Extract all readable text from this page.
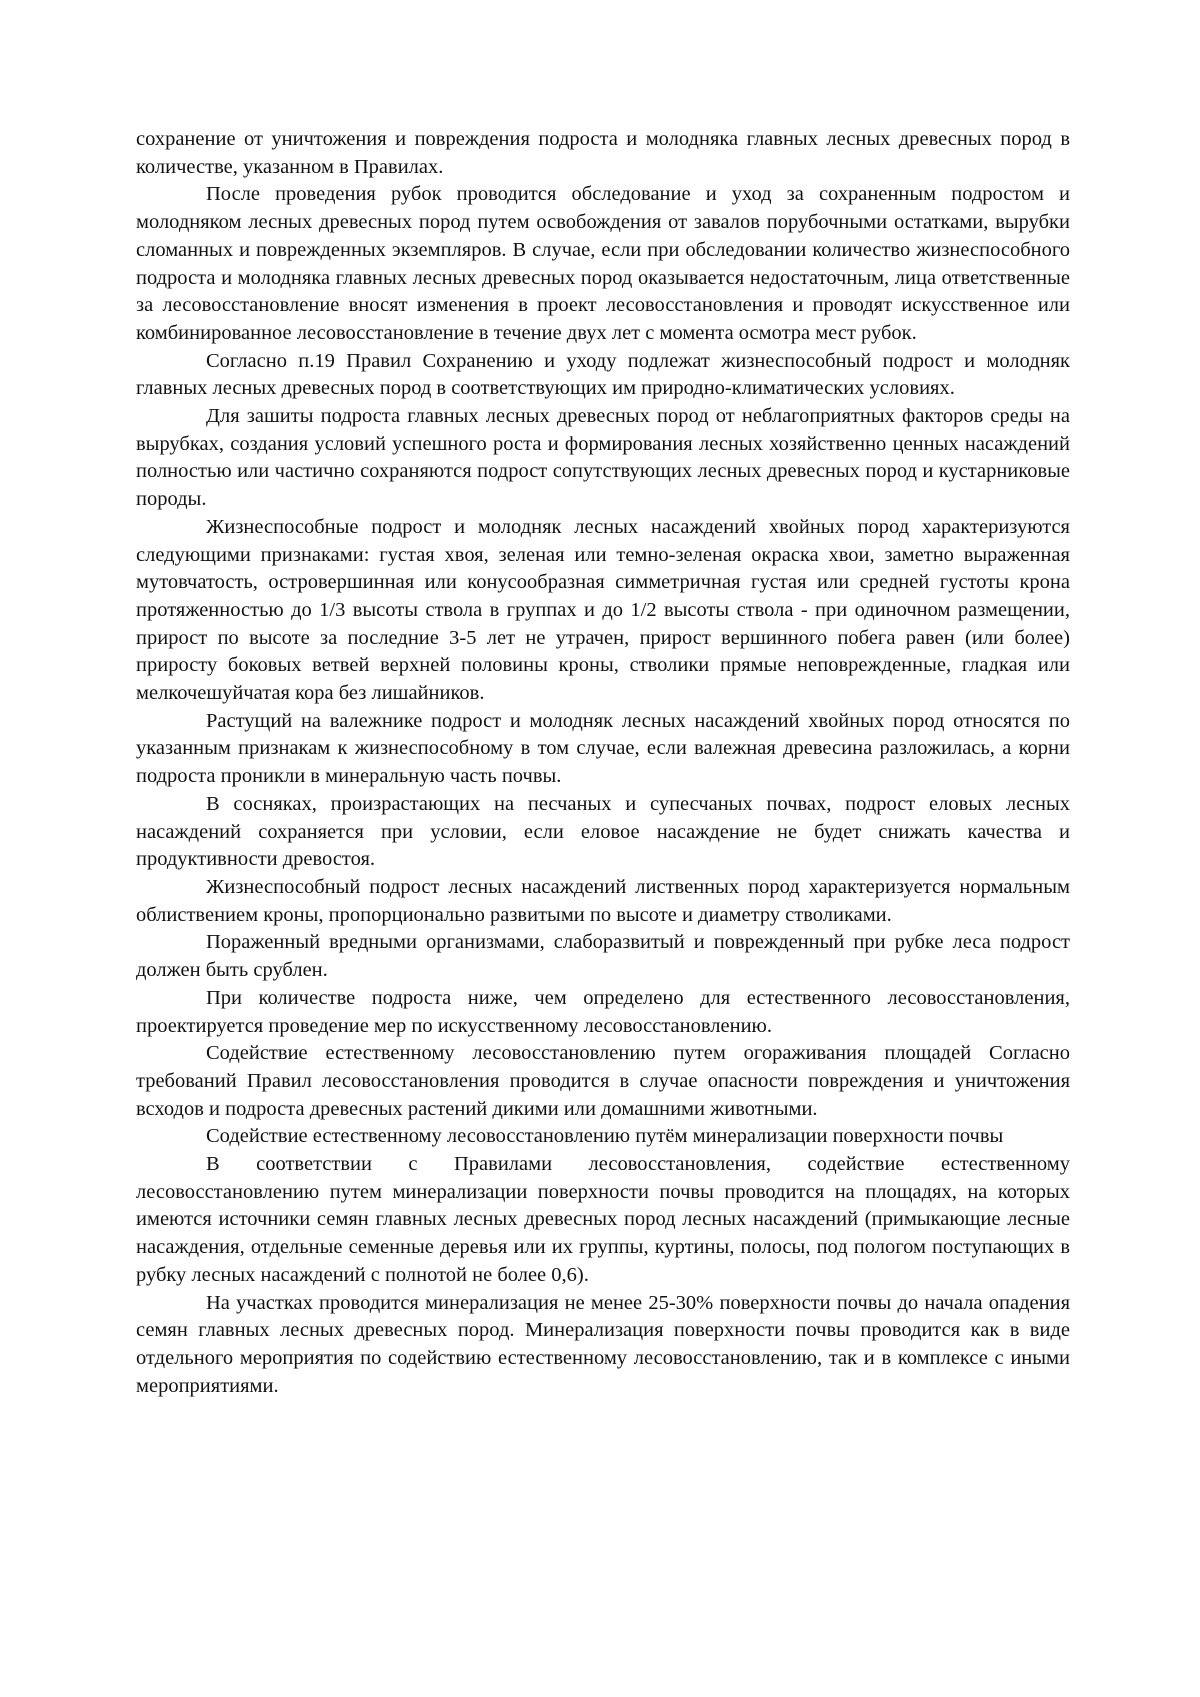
сохранение от уничтожения и повреждения подроста и молодняка главных лесных древесных пород в количестве, указанном в Правилах.

После проведения рубок проводится обследование и уход за сохраненным подростом и молодняком лесных древесных пород путем освобождения от завалов порубочными остатками, вырубки сломанных и поврежденных экземпляров. В случае, если при обследовании количество жизнеспособного подроста и молодняка главных лесных древесных пород оказывается недостаточным, лица ответственные за лесовосстановление вносят изменения в проект лесовосстановления и проводят искусственное или комбинированное лесовосстановление в течение двух лет с момента осмотра мест рубок.

Согласно п.19 Правил Сохранению и уходу подлежат жизнеспособный подрост и молодняк главных лесных древесных пород в соответствующих им природно-климатических условиях.

Для зашиты подроста главных лесных древесных пород от неблагоприятных факторов среды на вырубках, создания условий успешного роста и формирования лесных хозяйственно ценных насаждений полностью или частично сохраняются подрост сопутствующих лесных древесных пород и кустарниковые породы.

Жизнеспособные подрост и молодняк лесных насаждений хвойных пород характеризуются следующими признаками: густая хвоя, зеленая или темно-зеленая окраска хвои, заметно выраженная мутовчатость, островершинная или конусообразная симметричная густая или средней густоты крона протяженностью до 1/3 высоты ствола в группах и до 1/2 высоты ствола - при одиночном размещении, прирост по высоте за последние 3-5 лет не утрачен, прирост вершинного побега равен (или более) приросту боковых ветвей верхней половины кроны, стволики прямые неповрежденные, гладкая или мелкочешуйчатая кора без лишайников.

Растущий на валежнике подрост и молодняк лесных насаждений хвойных пород относятся по указанным признакам к жизнеспособному в том случае, если валежная древесина разложилась, а корни подроста проникли в минеральную часть почвы.

В сосняках, произрастающих на песчаных и супесчаных почвах, подрост еловых лесных насаждений сохраняется при условии, если еловое насаждение не будет снижать качества и продуктивности древостоя.

Жизнеспособный подрост лесных насаждений лиственных пород характеризуется нормальным облиствением кроны, пропорционально развитыми по высоте и диаметру стволиками.

Пораженный вредными организмами, слаборазвитый и поврежденный при рубке леса подрост должен быть срублен.

При количестве подроста ниже, чем определено для естественного лесовосстановления, проектируется проведение мер по искусственному лесовосстановлению.

Содействие естественному лесовосстановлению путем огораживания площадей Согласно требований Правил лесовосстановления проводится в случае опасности повреждения и уничтожения всходов и подроста древесных растений дикими или домашними животными.

Содействие естественному лесовосстановлению путём минерализации поверхности почвы

В соответствии с Правилами лесовосстановления, содействие естественному лесовосстановлению путем минерализации поверхности почвы проводится на площадях, на которых имеются источники семян главных лесных древесных пород лесных насаждений (примыкающие лесные насаждения, отдельные семенные деревья или их группы, куртины, полосы, под пологом поступающих в рубку лесных насаждений с полнотой не более 0,6).

На участках проводится минерализация не менее 25-30% поверхности почвы до начала опадения семян главных лесных древесных пород. Минерализация поверхности почвы проводится как в виде отдельного мероприятия по содействию естественному лесовосстановлению, так и в комплексе с иными мероприятиями.
